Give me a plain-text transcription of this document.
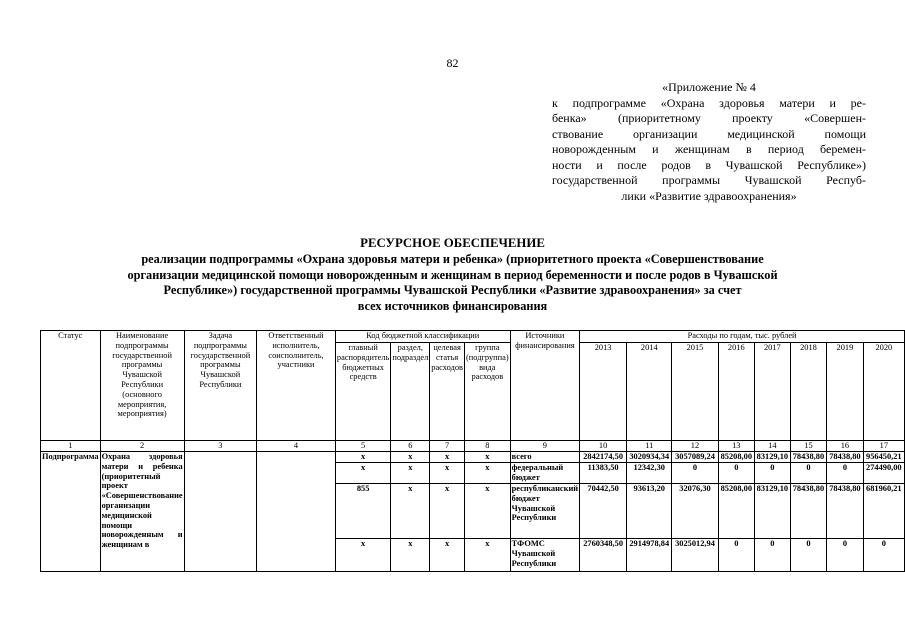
82
«Приложение № 4
к подпрограмме «Охрана здоровья матери и ре-
бенка» (приоритетному проекту «Совершен-
ствование организации медицинской помощи
новорожденным и женщинам в период беремен-
ности и после родов в Чувашской Республике»)
государственной программы Чувашской Респуб-
лики «Развитие здравоохранения»
РЕСУРСНОЕ ОБЕСПЕЧЕНИЕ
реализации подпрограммы «Охрана здоровья матери и ребенка» (приоритетного проекта «Совершенствование
организации медицинской помощи новорожденным и женщинам в период беременности и после родов в Чувашской
Республике») государственной программы Чувашской Республики «Развитие здравоохранения» за счет
всех источников финансирования
Статус	Наименование подпрограммы государственной программы Чувашской Республики (основного мероприятия, мероприятия)	Задача подпрограммы государственной программы Чувашской Республики	Ответственный исполнитель, соисполнитель, участники	Код бюджетной классификации				Источники финансирования	Расходы по годам, тыс. рублей							
				главный распорядитель бюджетных средств	раздел, подраздел	целевая статья расходов	группа (подгруппа) вида расходов		2013	2014	2015	2016	2017	2018	2019	2020
1	2	3	4	5	6	7	8	9	10	11	12	13	14	15	16	17
Подпрограмма	Охрана здоровья матери и ребенка (приоритетный проект «Совершенствование организации медицинской помощи новорожденным и женщинам в			x	x	x	x	всего	2842174,50	3020934,34	3057089,24	85208,00	83129,10	78438,80	78438,80	956450,21
				x	x	x	x	федеральный бюджет	11383,50	12342,30	0	0	0	0	0	274490,00
				855	x	x	x	республиканский бюджет Чувашской Республики	70442,50	93613,20	32076,30	85208,00	83129,10	78438,80	78438,80	681960,21
				x	x	x	x	ТФОМС Чувашской Республики	2760348,50	2914978,84	3025012,94	0	0	0	0	0
